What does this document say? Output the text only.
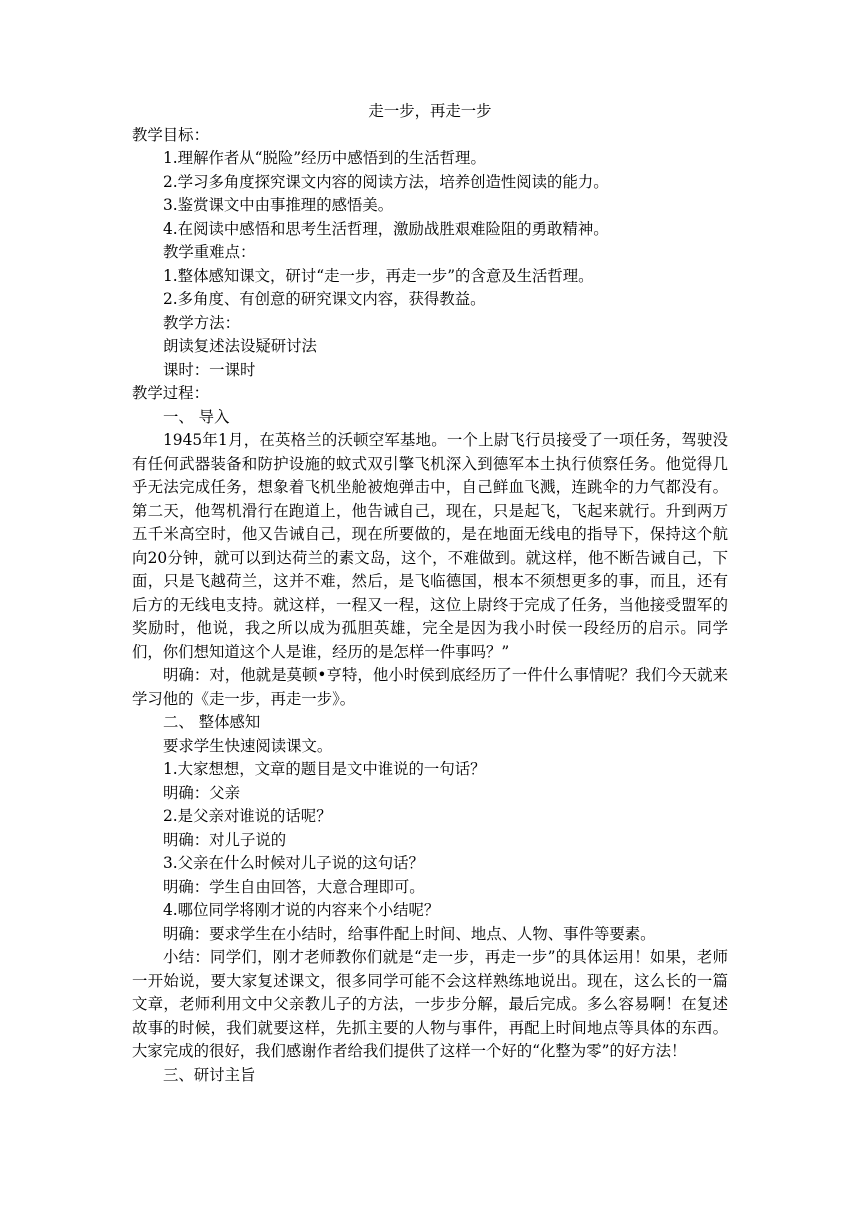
走一步，再走一步

教学目标：

1.理解作者从“脱险”经历中感悟到的生活哲理。

2.学习多角度探究课文内容的阅读方法，培养创造性阅读的能力。

3.鉴赏课文中由事推理的感悟美。

4.在阅读中感悟和思考生活哲理，激励战胜艰难险阻的勇敢精神。

教学重难点：

1.整体感知课文，研讨“走一步，再走一步”的含意及生活哲理。

2.多角度、有创意的研究课文内容，获得教益。

教学方法：

朗读复述法设疑研讨法

课时：一课时

教学过程：

一、 导入

1945年1月，在英格兰的沃顿空军基地。一个上尉飞行员接受了一项任务，驾驶没有任何武器装备和防护设施的蚊式双引擎飞机深入到德军本土执行侦察任务。他觉得几乎无法完成任务，想象着飞机坐舱被炮弹击中，自己鲜血飞溅，连跳伞的力气都没有。第二天，他驾机滑行在跑道上，他告诫自己，现在，只是起飞，飞起来就行。升到两万五千米高空时，他又告诫自己，现在所要做的，是在地面无线电的指导下，保持这个航向20分钟，就可以到达荷兰的素文岛，这个，不难做到。就这样，他不断告诫自己，下面，只是飞越荷兰，这并不难，然后，是飞临德国，根本不须想更多的事，而且，还有后方的无线电支持。就这样，一程又一程，这位上尉终于完成了任务，当他接受盟军的奖励时，他说，我之所以成为孤胆英雄，完全是因为我小时侯一段经历的启示。同学们，你们想知道这个人是谁，经历的是怎样一件事吗？”

明确：对，他就是莫顿•亨特，他小时侯到底经历了一件什么事情呢？我们今天就来学习他的《走一步，再走一步》。

二、 整体感知

要求学生快速阅读课文。

1.大家想想，文章的题目是文中谁说的一句话？

明确：父亲

2.是父亲对谁说的话呢？

明确：对儿子说的

3.父亲在什么时候对儿子说的这句话？

明确：学生自由回答，大意合理即可。

4.哪位同学将刚才说的内容来个小结呢？

明确：要求学生在小结时，给事件配上时间、地点、人物、事件等要素。

小结：同学们，刚才老师教你们就是“走一步，再走一步”的具体运用！如果，老师一开始说，要大家复述课文，很多同学可能不会这样熟练地说出。现在，这么长的一篇文章，老师利用文中父亲教儿子的方法，一步步分解，最后完成。多么容易啊！在复述故事的时候，我们就要这样，先抓主要的人物与事件，再配上时间地点等具体的东西。大家完成的很好，我们感谢作者给我们提供了这样一个好的“化整为零”的好方法！

三、研讨主旨
